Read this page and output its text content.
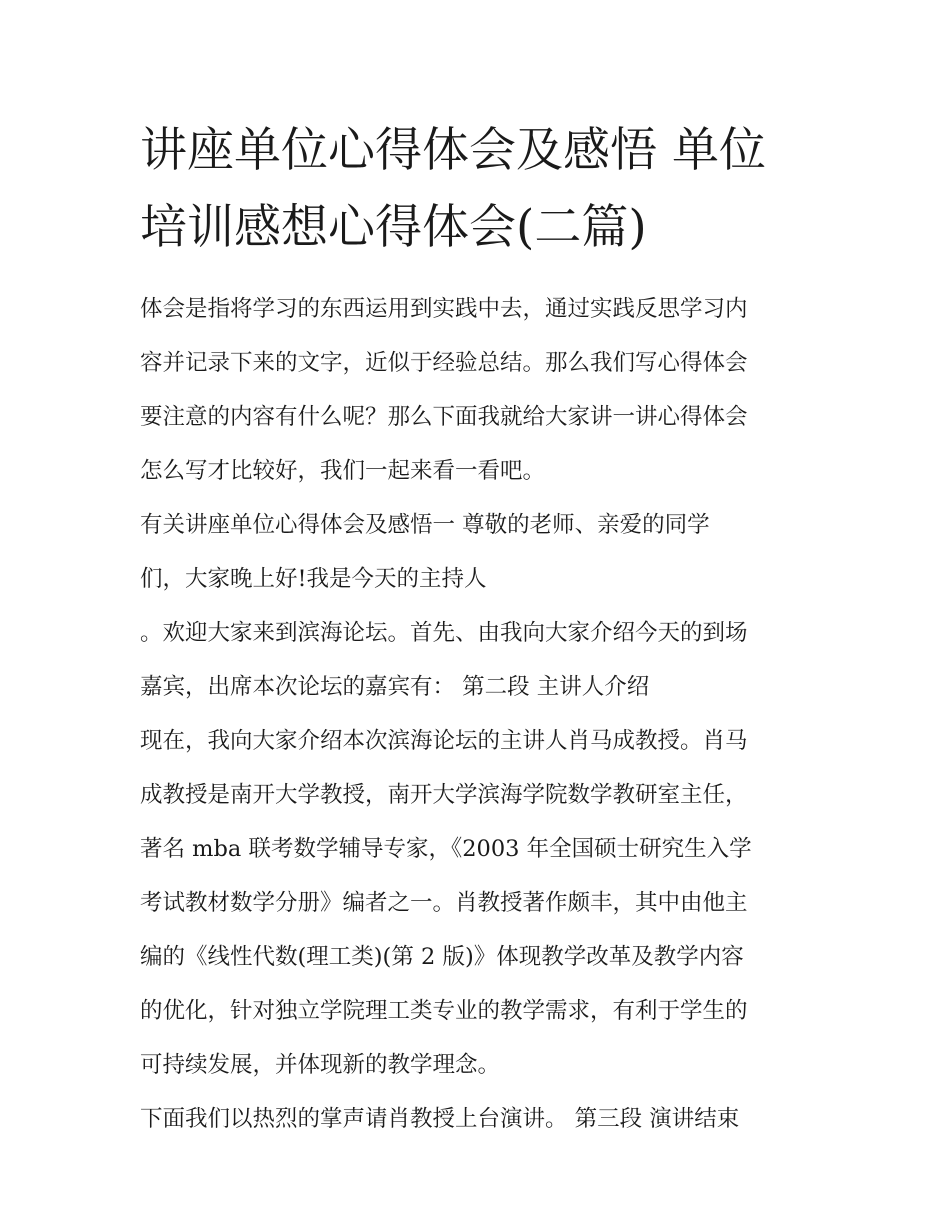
讲座单位心得体会及感悟 单位
培训感想心得体会(二篇)
体会是指将学习的东西运用到实践中去，通过实践反思学习内
容并记录下来的文字，近似于经验总结。那么我们写心得体会
要注意的内容有什么呢？那么下面我就给大家讲一讲心得体会
怎么写才比较好，我们一起来看一看吧。
有关讲座单位心得体会及感悟一 尊敬的老师、亲爱的同学
们，大家晚上好!我是今天的主持人
。欢迎大家来到滨海论坛。首先、由我向大家介绍今天的到场
嘉宾，出席本次论坛的嘉宾有： 第二段 主讲人介绍
现在，我向大家介绍本次滨海论坛的主讲人肖马成教授。肖马
成教授是南开大学教授，南开大学滨海学院数学教研室主任，
著名 mba 联考数学辅导专家，《2003 年全国硕士研究生入学
考试教材数学分册》编者之一。肖教授著作颇丰，其中由他主
编的《线性代数(理工类)(第 2 版)》体现教学改革及教学内容
的优化，针对独立学院理工类专业的教学需求，有利于学生的
可持续发展，并体现新的教学理念。
下面我们以热烈的掌声请肖教授上台演讲。 第三段 演讲结束
